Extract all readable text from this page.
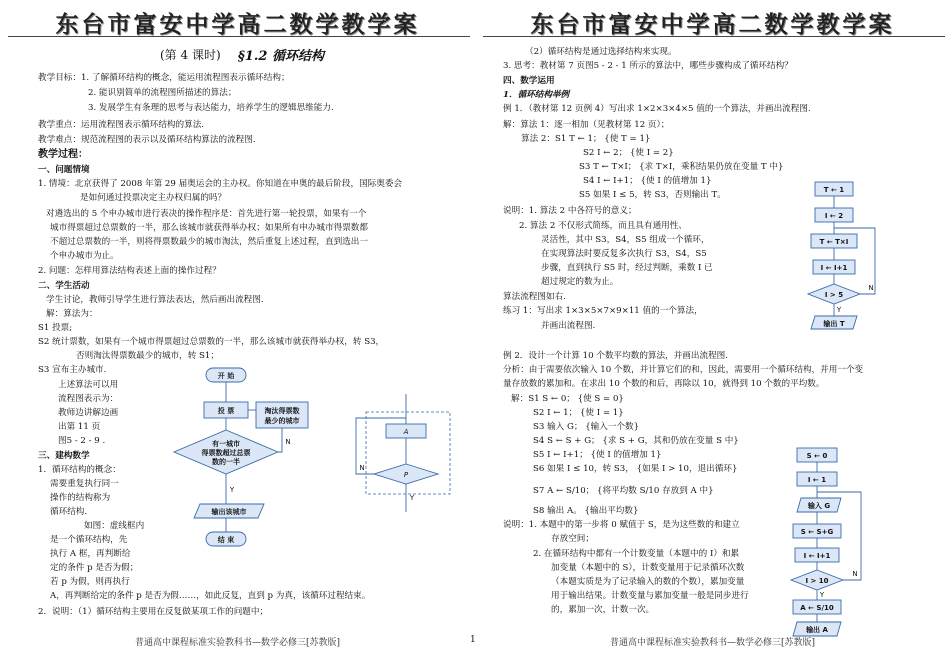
东台市富安中学高二数学教学案
(第 4 课时) §1.2 循环结构
教学目标：1. 了解循环结构的概念，能运用流程图表示循环结构；
2. 能识别简单的流程图所描述的算法；
3. 发展学生有条理的思考与表达能力，培养学生的逻辑思维能力.
教学重点：运用流程图表示循环结构的算法.
教学难点：规范流程图的表示以及循环结构算法的流程图.
教学过程：
一、问题情境
1. 情境：北京获得了 2008 年第 29 届奥运会的主办权。你知道在申奥的最后阶段，国际奥委会
是如何通过投票决定主办权归属的吗？
对遴选出的 5 个申办城市进行表决的操作程序是：首先进行第一轮投票，如果有一个
城市得票超过总票数的一半，那么该城市就获得举办权；如果所有申办城市得票数都
不超过总票数的一半，则将得票数最少的城市淘汰，然后重复上述过程，直到选出一
个申办城市为止。
2. 问题：怎样用算法结构表述上面的操作过程？
二、学生活动
学生讨论，教师引导学生进行算法表达，然后画出流程图.
解：算法为：
S1 投票;
S2 统计票数，如果有一个城市得票超过总票数的一半，那么该城市就获得举办权，转 S3，
否则淘汰得票数最少的城市，转 S1；
S3 宣布主办城市.
上述算法可以用
流程图表示为：
教师边讲解边画
出第 11 页
图5 - 2 - 9 .
三、建构数学
1．循环结构的概念：
需要重复执行同一
操作的结构称为
循环结构.
如图：虚线框内
是一个循环结构，先
执行 A 框，再判断给
定的条件 p 是否为假；
若 p 为假，则再执行
A，再判断给定的条件 p 是否为假……，如此反复，直到 p 为真，该循环过程结束。
2．说明：（1）循环结构主要用在反复做某项工作的问题中；
开 始
投 票
有一城市
得票数超过总票
数的一半
淘汰得票数
最少的城市
N
Y
输出该城市
结 束
A
P
N
Y
普通高中课程标准实验教科书—数学必修三[苏教版]	1
东台市富安中学高二数学教学案
（2）循环结构是通过选择结构来实现。
3. 思考：教材第 7 页图5 - 2 - 1 所示的算法中，哪些步骤构成了循环结构？
四、数学运用
1．循环结构举例
例 1．（教材第 12 页例 4）写出求 1×2×3×4×5 值的一个算法，并画出流程图.
解：算法 1：逐一相加（见教材第 12 页）；
算法 2：S1 T ← 1； {使 T = 1}
S2 I ← 2； {使 I = 2}
S3 T ← T×I； {求 T×I，乘积结果仍放在变量 T 中}
S4 I ← I+1； {使 I 的值增加 1}
S5 如果 I ≤ 5，转 S3，否则输出 T。
说明：1. 算法 2 中各符号的意义；
2. 算法 2 不仅形式简练，而且具有通用性、
灵活性，其中 S3，S4，S5 组成一个循环，
在实现算法时要反复多次执行 S3，S4，S5
步骤，直到执行 S5 时，经过判断，乘数 I 已
超过规定的数为止。
算法流程图如右.
练习 1：写出求 1×3×5×7×9×11 值的一个算法，
并画出流程图.
例 2．设计一个计算 10 个数平均数的算法，并画出流程图.
分析：由于需要依次输入 10 个数，并计算它们的和，因此，需要用一个循环结构，并用一个变
量存放数的累加和。在求出 10 个数的和后，再除以 10，就得到 10 个数的平均数。
解：S1 S ← 0； {使 S = 0}
S2 I ← 1； {使 I = 1}
S3 输入 G； {输入一个数}
S4 S ← S + G； {求 S + G，其和仍放在变量 S 中}
S5 I ← I+1； {使 I 的值增加 1}
S6 如果 I ≤ 10，转 S3， {如果 I > 10，退出循环}
S7 A ← S/10； {将平均数 S/10 存放到 A 中}
S8 输出 A。 {输出平均数}
说明：1. 本题中的第一步将 0 赋值于 S，是为这些数的和建立
存放空间；
2. 在循环结构中都有一个计数变量（本题中的 I）和累
加变量（本题中的 S），计数变量用于记录循环次数
（本题实质是为了记录输入的数的个数），累加变量
用于输出结果。计数变量与累加变量一般是同步进行
的，累加一次，计数一次。
T ← 1
I ← 2
T ← T×I
I ← I+1
I > 5
N
Y
输出 T
S ← 0
I ← 1
输入 G
S ← S+G
I ← I+1
I > 10
N
Y
A ← S/10
输出 A
普通高中课程标准实验教科书—数学必修三[苏教版]
